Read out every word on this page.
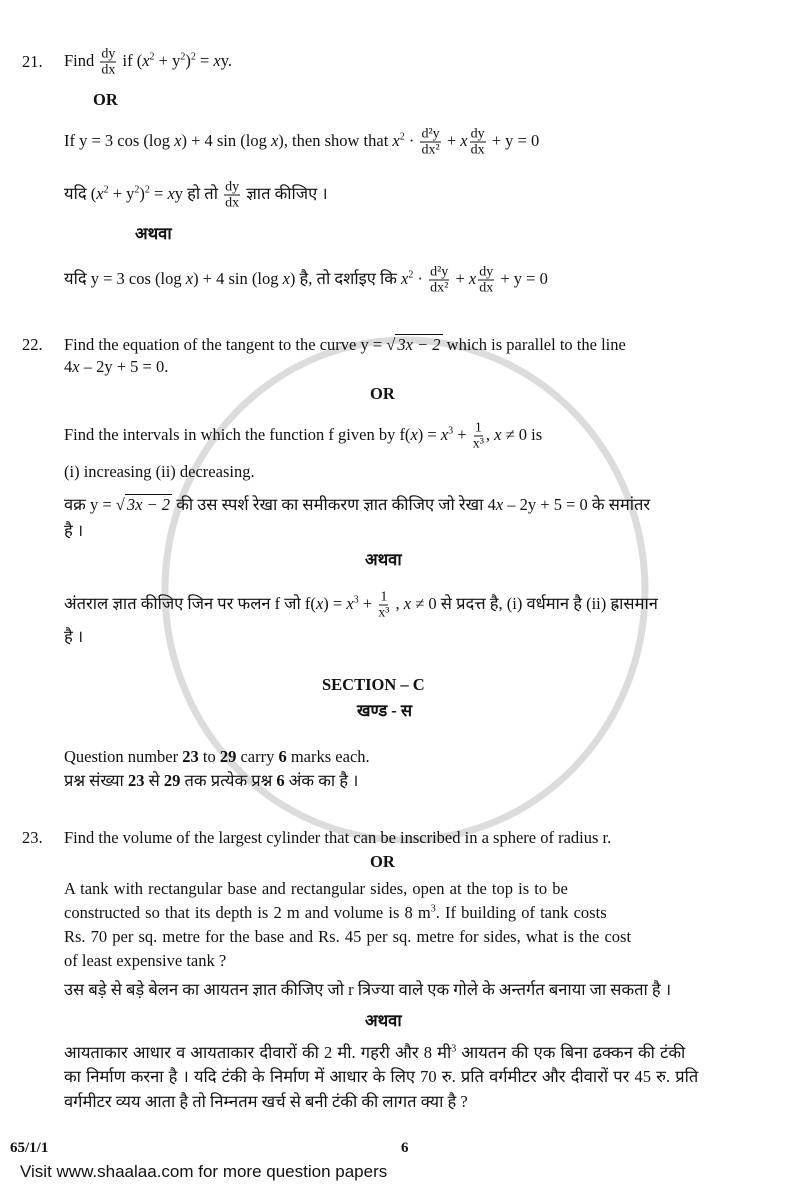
21.
22.
23.
Find $\frac{dy}{dx}$ if $(x^2 + y^2)^2$ = xy.
OR
If y = 3 cos (log x) + 4 sin (log x), then show that $x^2 \cdot \frac{\text{d²y}}{\text{dx²}} + x \frac{dy}{dx} + y = 0$
यदि $(x^2 + y^2)^2$ = xy हो तो $\frac{dy}{dx}$ ज्ञात कीजिए ।
अथवा
यदि y = 3 cos (log x) + 4 sin (log x) है, तो दर्शाइए कि $x^2 \cdot \frac{\text{d²y}}{\text{dx²}} + x \frac{dy}{dx} + y = 0$
Find the equation of the tangent to the curve y = √ 3x − 2 which is parallel to the line
4x – 2y + 5 = 0.
OR
Find the intervals in which the function f given by $f(x) = x^3 + \frac{1}{\text{x³}}$ , x ≠ 0 is
(i) increasing (ii) decreasing.
वक्र y = √ 3x − 2 की उस स्पर्श रेखा का समीकरण ज्ञात कीजिए जो रेखा 4x – 2y + 5 = 0 के समांतर
है ।
अथवा
अंतराल ज्ञात कीजिए जिन पर फलन f जो $f(x) = x^3 + \frac{1}{\text{x³}}$ , x ≠ 0 से प्रदत्त है, (i) वर्धमान है (ii) ह्रासमान
है ।
SECTION – C
खण्ड - स
Question number 23 to 29 carry 6 marks each.
प्रश्न संख्या 23 से 29 तक प्रत्येक प्रश्न 6 अंक का है ।
Find the volume of the largest cylinder that can be inscribed in a sphere of radius r.
OR
A tank with rectangular base and rectangular sides, open at the top is to be
constructed so that its depth is 2 m and volume is 8 $m^3$. If building of tank costs
Rs. 70 per sq. metre for the base and Rs. 45 per sq. metre for sides, what is the cost
of least expensive tank ?
उस बड़े से बड़े बेलन का आयतन ज्ञात कीजिए जो r त्रिज्या वाले एक गोले के अन्तर्गत बनाया जा सकता है ।
अथवा
आयताकार आधार व आयताकार दीवारों की 2 मी. गहरी और 8 मी$^3$ आयतन की एक बिना ढक्कन की टंकी
का निर्माण करना है । यदि टंकी के निर्माण में आधार के लिए 70 रु. प्रति वर्गमीटर और दीवारों पर 45 रु. प्रति
वर्गमीटर व्यय आता है तो निम्नतम खर्च से बनी टंकी की लागत क्या है ?
65/1/1	6
Visit www.shaalaa.com for more question papers
